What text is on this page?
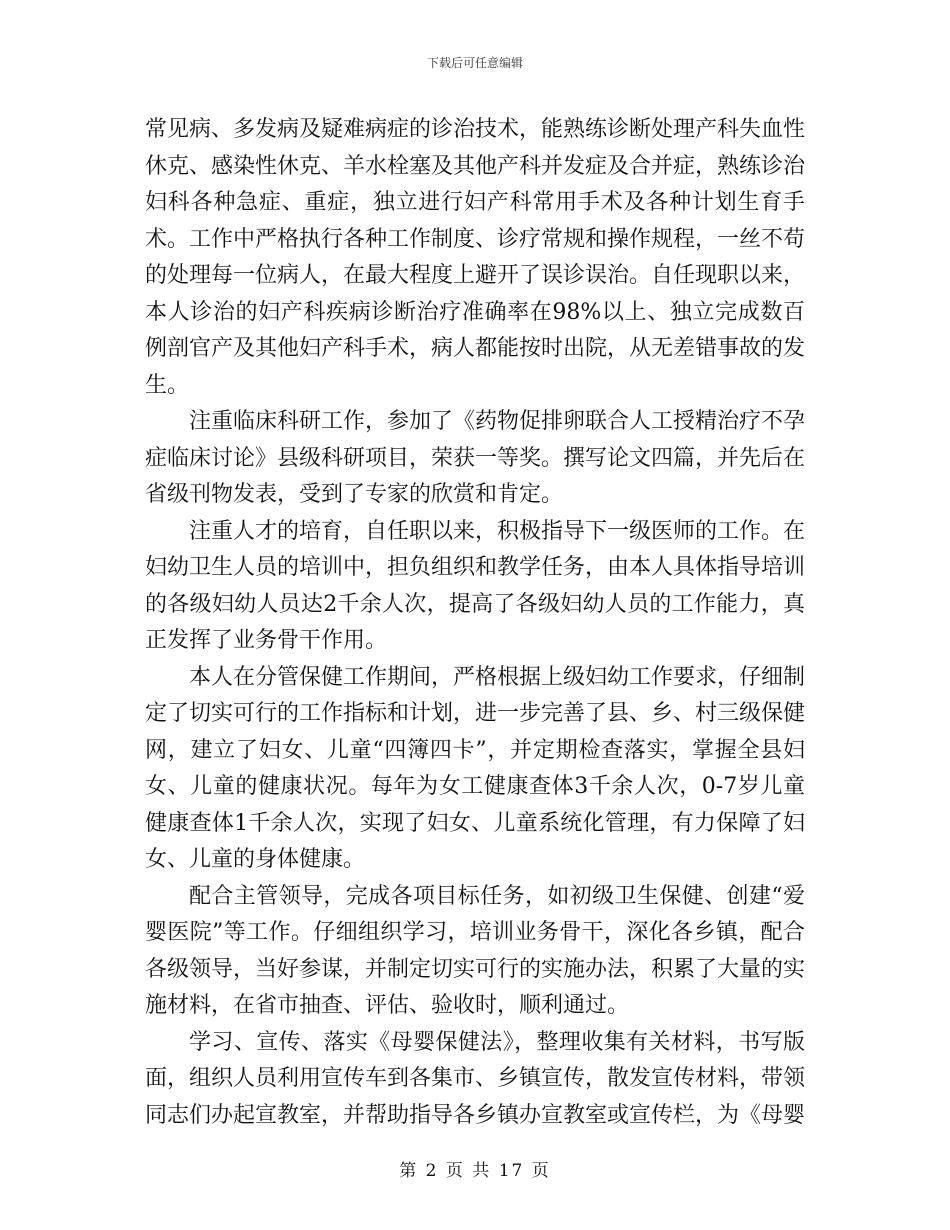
下载后可任意编辑

常见病、多发病及疑难病症的诊治技术，能熟练诊断处理产科失血性休克、感染性休克、羊水栓塞及其他产科并发症及合并症，熟练诊治妇科各种急症、重症，独立进行妇产科常用手术及各种计划生育手术。工作中严格执行各种工作制度、诊疗常规和操作规程，一丝不苟的处理每一位病人，在最大程度上避开了误诊误治。自任现职以来，本人诊治的妇产科疾病诊断治疗准确率在98%以上、独立完成数百例剖官产及其他妇产科手术，病人都能按时出院，从无差错事故的发生。

注重临床科研工作，参加了《药物促排卵联合人工授精治疗不孕症临床讨论》县级科研项目，荣获一等奖。撰写论文四篇，并先后在省级刊物发表，受到了专家的欣赏和肯定。

注重人才的培育，自任职以来，积极指导下一级医师的工作。在妇幼卫生人员的培训中，担负组织和教学任务，由本人具体指导培训的各级妇幼人员达2千余人次，提高了各级妇幼人员的工作能力，真正发挥了业务骨干作用。

本人在分管保健工作期间，严格根据上级妇幼工作要求，仔细制定了切实可行的工作指标和计划，进一步完善了县、乡、村三级保健网，建立了妇女、儿童“四簿四卡”，并定期检查落实，掌握全县妇女、儿童的健康状况。每年为女工健康查体3千余人次，0-7岁儿童健康查体1千余人次，实现了妇女、儿童系统化管理，有力保障了妇女、儿童的身体健康。

配合主管领导，完成各项目标任务，如初级卫生保健、创建“爱婴医院”等工作。仔细组织学习，培训业务骨干，深化各乡镇，配合各级领导，当好参谋，并制定切实可行的实施办法，积累了大量的实施材料，在省市抽查、评估、验收时，顺利通过。

学习、宣传、落实《母婴保健法》，整理收集有关材料，书写版面，组织人员利用宣传车到各集市、乡镇宣传，散发宣传材料，带领同志们办起宣教室，并帮助指导各乡镇办宣教室或宣传栏，为《母婴

第 2 页 共 17 页
